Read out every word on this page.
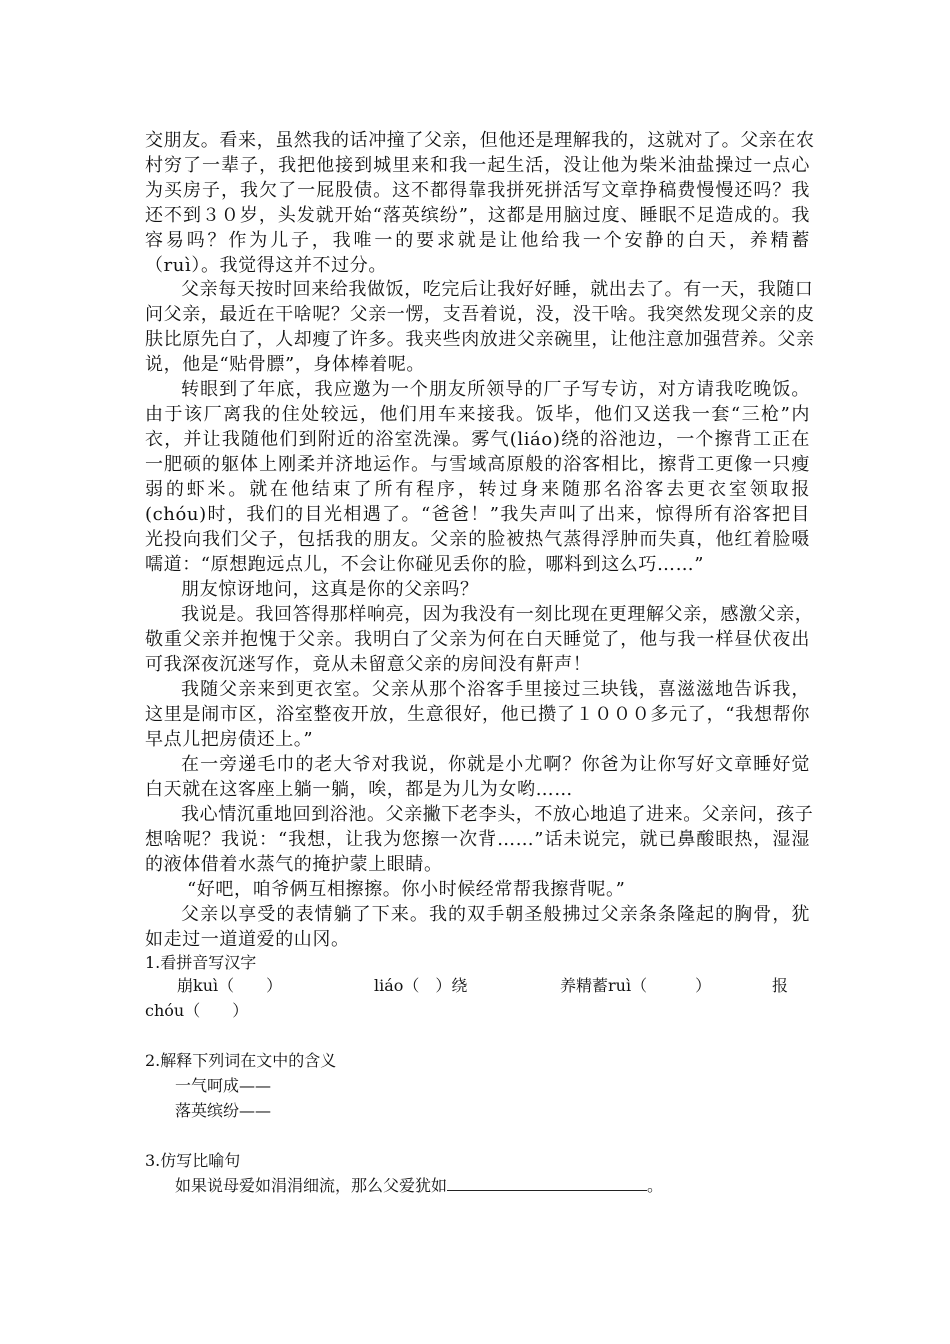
交朋友。看来，虽然我的话冲撞了父亲，但他还是理解我的，这就对了。父亲在农
村穷了一辈子，我把他接到城里来和我一起生活，没让他为柴米油盐操过一点心
为买房子，我欠了一屁股债。这不都得靠我拼死拼活写文章挣稿费慢慢还吗？我
还不到３０岁，头发就开始“落英缤纷”，这都是用脑过度、睡眠不足造成的。我
容易吗？作为儿子，我唯一的要求就是让他给我一个安静的白天，养精蓄
（ruì）。我觉得这并不过分。
父亲每天按时回来给我做饭，吃完后让我好好睡，就出去了。有一天，我随口
问父亲，最近在干啥呢？父亲一愣，支吾着说，没，没干啥。我突然发现父亲的皮
肤比原先白了，人却瘦了许多。我夹些肉放进父亲碗里，让他注意加强营养。父亲
说，他是“贴骨膘”，身体棒着呢。
转眼到了年底，我应邀为一个朋友所领导的厂子写专访，对方请我吃晚饭。
由于该厂离我的住处较远，他们用车来接我。饭毕，他们又送我一套“三枪”内
衣，并让我随他们到附近的浴室洗澡。雾气(liáo)绕的浴池边，一个擦背工正在
一肥硕的躯体上刚柔并济地运作。与雪域高原般的浴客相比，擦背工更像一只瘦
弱的虾米。就在他结束了所有程序，转过身来随那名浴客去更衣室领取报
(chóu)时，我们的目光相遇了。“爸爸！”我失声叫了出来，惊得所有浴客把目
光投向我们父子，包括我的朋友。父亲的脸被热气蒸得浮肿而失真，他红着脸嗫
嚅道：“原想跑远点儿，不会让你碰见丢你的脸，哪料到这么巧……”
朋友惊讶地问，这真是你的父亲吗？
我说是。我回答得那样响亮，因为我没有一刻比现在更理解父亲，感激父亲，
敬重父亲并抱愧于父亲。我明白了父亲为何在白天睡觉了，他与我一样昼伏夜出
可我深夜沉迷写作，竟从未留意父亲的房间没有鼾声！
我随父亲来到更衣室。父亲从那个浴客手里接过三块钱，喜滋滋地告诉我，
这里是闹市区，浴室整夜开放，生意很好，他已攒了１０００多元了，“我想帮你
早点儿把房债还上。”
在一旁递毛巾的老大爷对我说，你就是小尤啊？你爸为让你写好文章睡好觉
白天就在这客座上躺一躺，唉，都是为儿为女哟……
我心情沉重地回到浴池。父亲撇下老李头，不放心地追了进来。父亲问，孩子
想啥呢？我说：“我想，让我为您擦一次背……”话未说完，就已鼻酸眼热，湿湿
的液体借着水蒸气的掩护蒙上眼睛。
“好吧，咱爷俩互相擦擦。你小时候经常帮我擦背呢。”
父亲以享受的表情躺了下来。我的双手朝圣般拂过父亲条条隆起的胸骨，犹
如走过一道道爱的山冈。
1.看拼音写汉字
崩kuì（　　）	liáo（　）绕	养精蓄ruì（　　　）	报
chóu（　　）
2.解释下列词在文中的含义
一气呵成——
落英缤纷——
3.仿写比喻句
如果说母爱如涓涓细流，那么父爱犹如	。
